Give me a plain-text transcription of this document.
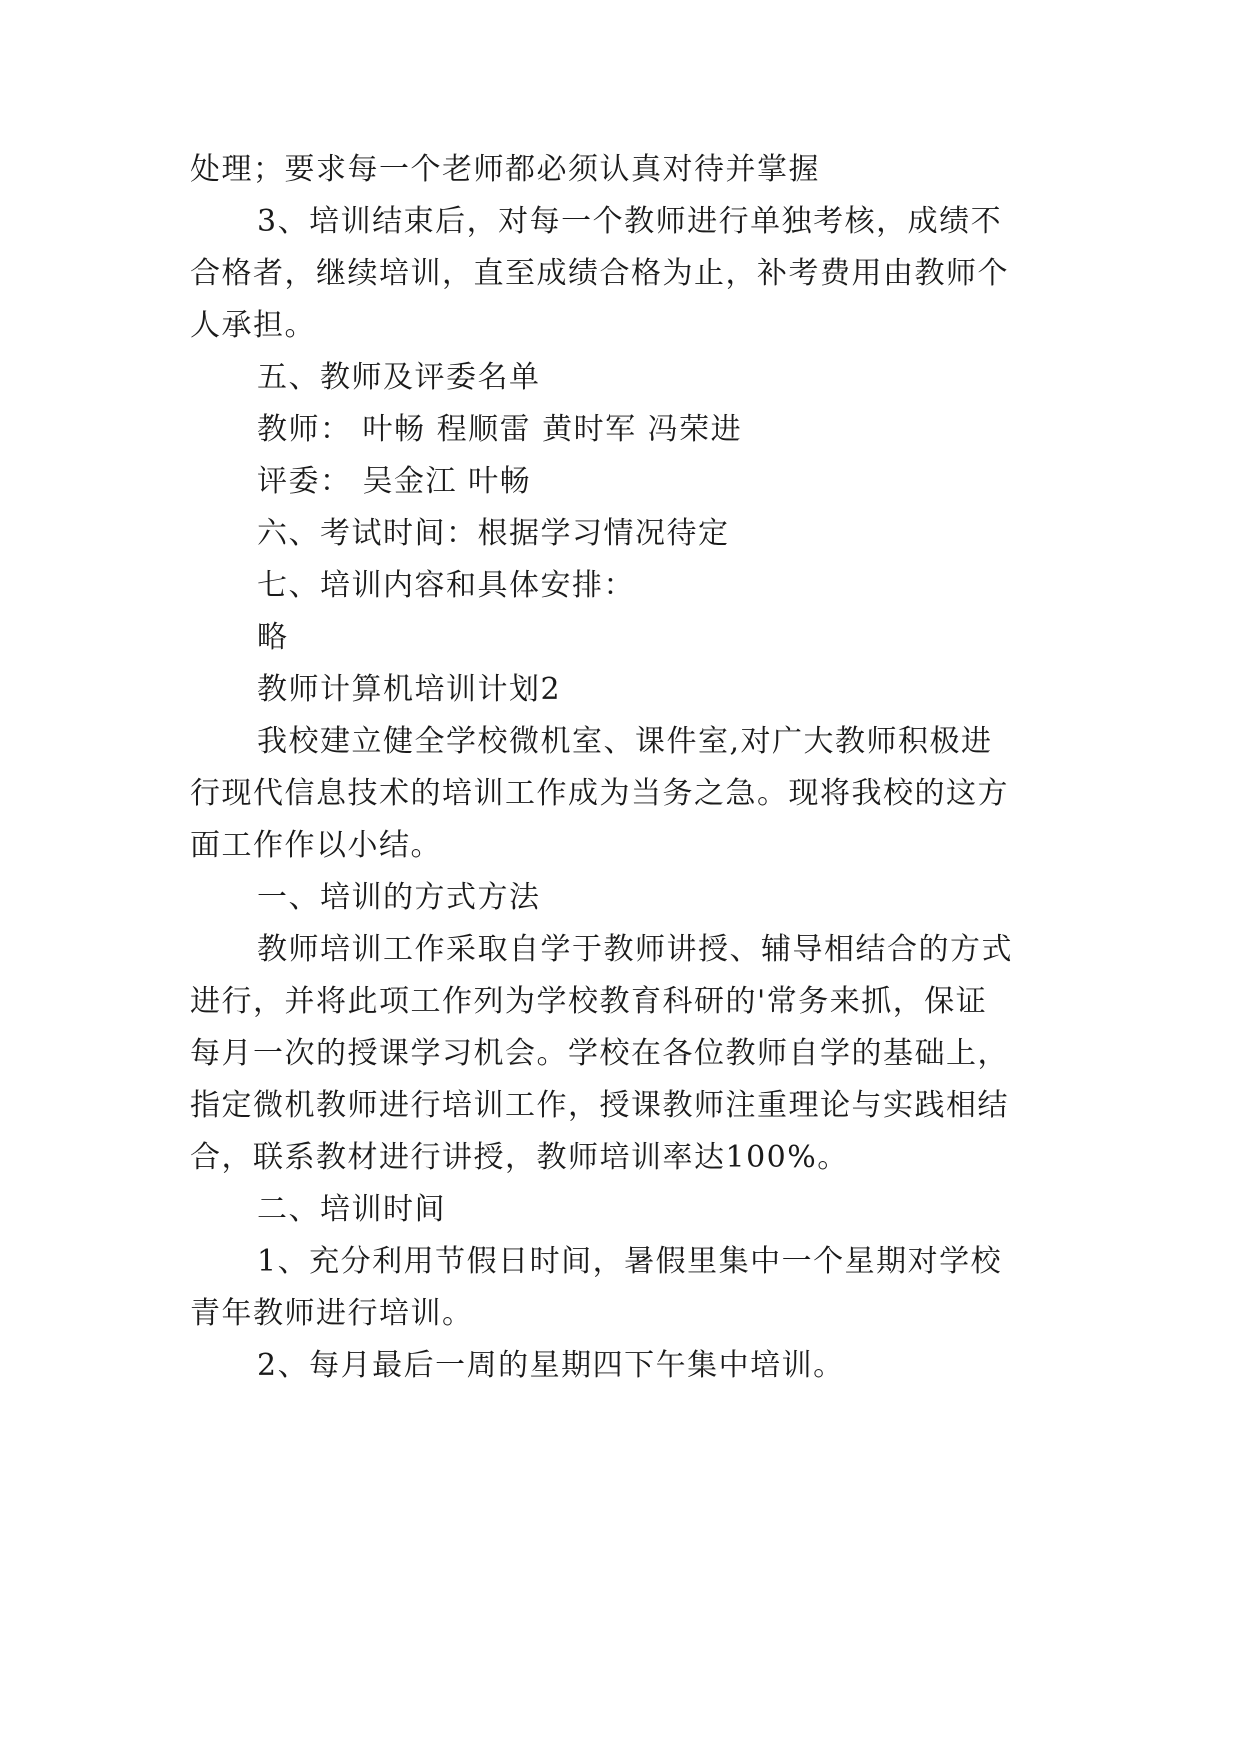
处理；要求每一个老师都必须认真对待并掌握
3、培训结束后，对每一个教师进行单独考核，成绩不
合格者，继续培训，直至成绩合格为止，补考费用由教师个
人承担。
五、教师及评委名单
教师： 叶畅 程顺雷 黄时军 冯荣进
评委： 吴金江 叶畅
六、考试时间：根据学习情况待定
七、培训内容和具体安排：
略
教师计算机培训计划2
我校建立健全学校微机室、课件室,对广大教师积极进
行现代信息技术的培训工作成为当务之急。现将我校的这方
面工作作以小结。
一、培训的方式方法
教师培训工作采取自学于教师讲授、辅导相结合的方式
进行，并将此项工作列为学校教育科研的'常务来抓，保证
每月一次的授课学习机会。学校在各位教师自学的基础上，
指定微机教师进行培训工作，授课教师注重理论与实践相结
合，联系教材进行讲授，教师培训率达100%。
二、培训时间
1、充分利用节假日时间，暑假里集中一个星期对学校
青年教师进行培训。
2、每月最后一周的星期四下午集中培训。
